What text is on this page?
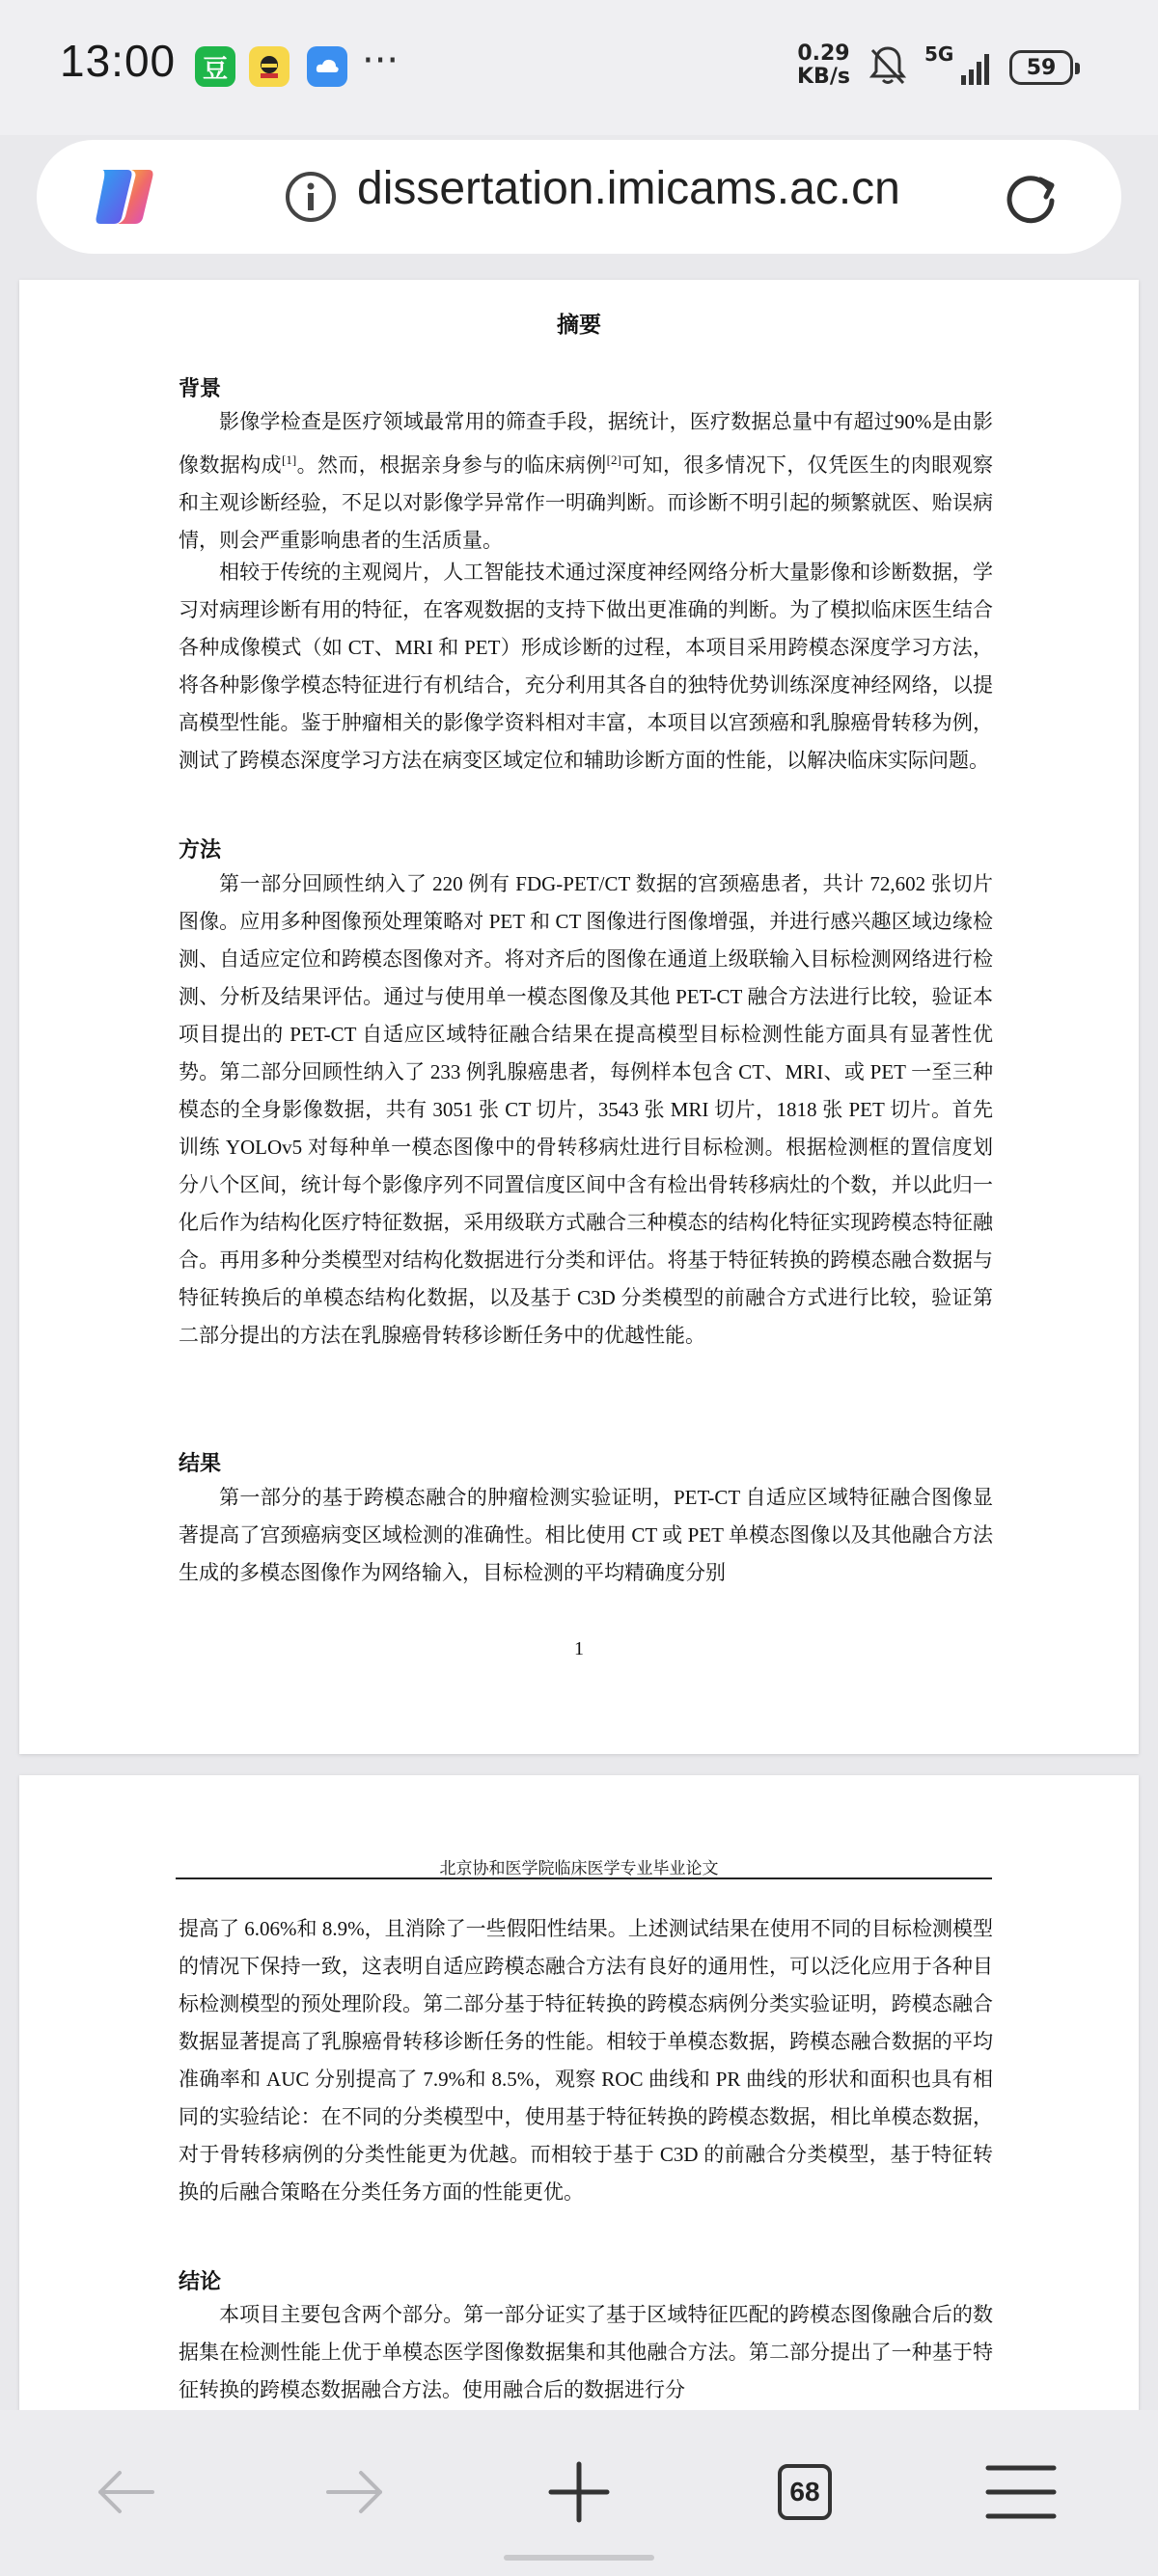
13:00	豆	···	0.29
KB/s
5G
59
dissertation.imicams.ac.cn
摘要
背景
影像学检查是医疗领域最常用的筛查手段，据统计，医疗数据总量中有超过90%是由影像数据构成[1]。然而，根据亲身参与的临床病例[2]可知，很多情况下，仅凭医生的肉眼观察和主观诊断经验，不足以对影像学异常作一明确判断。而诊断不明引起的频繁就医、贻误病情，则会严重影响患者的生活质量。
相较于传统的主观阅片，人工智能技术通过深度神经网络分析大量影像和诊断数据，学习对病理诊断有用的特征，在客观数据的支持下做出更准确的判断。为了模拟临床医生结合各种成像模式（如 CT、MRI 和 PET）形成诊断的过程，本项目采用跨模态深度学习方法，将各种影像学模态特征进行有机结合，充分利用其各自的独特优势训练深度神经网络，以提高模型性能。鉴于肿瘤相关的影像学资料相对丰富，本项目以宫颈癌和乳腺癌骨转移为例，测试了跨模态深度学习方法在病变区域定位和辅助诊断方面的性能，以解决临床实际问题。
方法
第一部分回顾性纳入了 220 例有 FDG-PET/CT 数据的宫颈癌患者，共计 72,602 张切片图像。应用多种图像预处理策略对 PET 和 CT 图像进行图像增强，并进行感兴趣区域边缘检测、自适应定位和跨模态图像对齐。将对齐后的图像在通道上级联输入目标检测网络进行检测、分析及结果评估。通过与使用单一模态图像及其他 PET-CT 融合方法进行比较，验证本项目提出的 PET-CT 自适应区域特征融合结果在提高模型目标检测性能方面具有显著性优势。第二部分回顾性纳入了 233 例乳腺癌患者，每例样本包含 CT、MRI、或 PET 一至三种模态的全身影像数据，共有 3051 张 CT 切片，3543 张 MRI 切片，1818 张 PET 切片。首先训练 YOLOv5 对每种单一模态图像中的骨转移病灶进行目标检测。根据检测框的置信度划分八个区间，统计每个影像序列不同置信度区间中含有检出骨转移病灶的个数，并以此归一化后作为结构化医疗特征数据，采用级联方式融合三种模态的结构化特征实现跨模态特征融合。再用多种分类模型对结构化数据进行分类和评估。将基于特征转换的跨模态融合数据与特征转换后的单模态结构化数据，以及基于 C3D 分类模型的前融合方式进行比较，验证第二部分提出的方法在乳腺癌骨转移诊断任务中的优越性能。
结果
第一部分的基于跨模态融合的肿瘤检测实验证明，PET-CT 自适应区域特征融合图像显著提高了宫颈癌病变区域检测的准确性。相比使用 CT 或 PET 单模态图像以及其他融合方法生成的多模态图像作为网络输入，目标检测的平均精确度分别
1
北京协和医学院临床医学专业毕业论文
提高了 6.06%和 8.9%，且消除了一些假阳性结果。上述测试结果在使用不同的目标检测模型的情况下保持一致，这表明自适应跨模态融合方法有良好的通用性，可以泛化应用于各种目标检测模型的预处理阶段。第二部分基于特征转换的跨模态病例分类实验证明，跨模态融合数据显著提高了乳腺癌骨转移诊断任务的性能。相较于单模态数据，跨模态融合数据的平均准确率和 AUC 分别提高了 7.9%和 8.5%，观察 ROC 曲线和 PR 曲线的形状和面积也具有相同的实验结论：在不同的分类模型中，使用基于特征转换的跨模态数据，相比单模态数据，对于骨转移病例的分类性能更为优越。而相较于基于 C3D 的前融合分类模型，基于特征转换的后融合策略在分类任务方面的性能更优。
结论
本项目主要包含两个部分。第一部分证实了基于区域特征匹配的跨模态图像融合后的数据集在检测性能上优于单模态医学图像数据集和其他融合方法。第二部分提出了一种基于特征转换的跨模态数据融合方法。使用融合后的数据进行分
68
